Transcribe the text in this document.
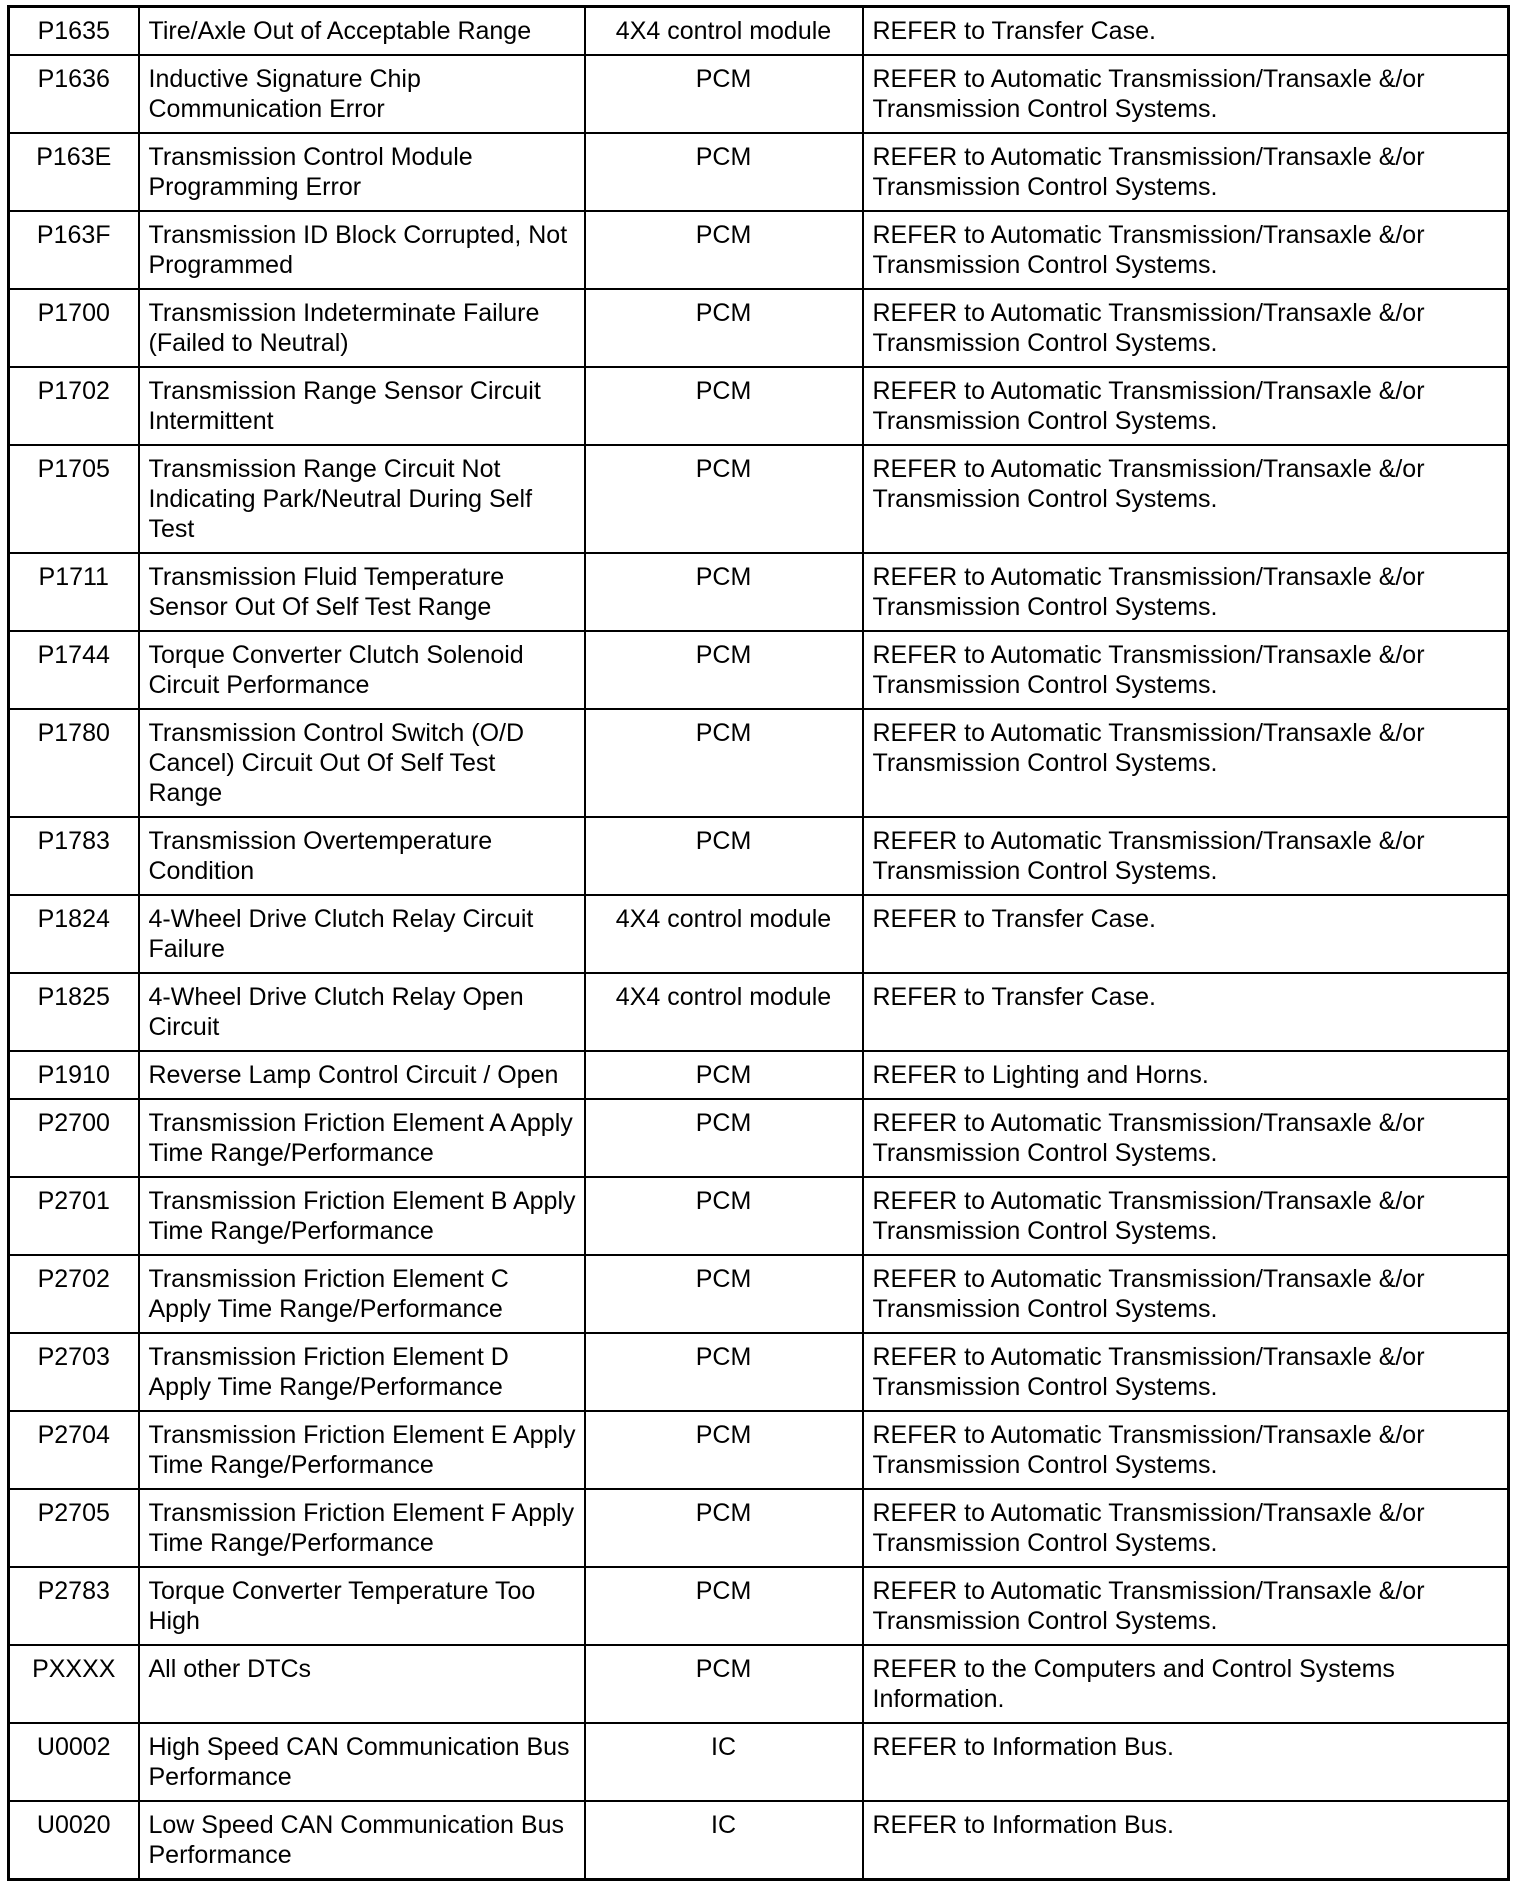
P1635	Tire/Axle Out of Acceptable Range	4X4 control module	REFER to Transfer Case.
P1636	Inductive Signature Chip Communication Error	PCM	REFER to Automatic Transmission/Transaxle &/or Transmission Control Systems.
P163E	Transmission Control Module Programming Error	PCM	REFER to Automatic Transmission/Transaxle &/or Transmission Control Systems.
P163F	Transmission ID Block Corrupted, Not Programmed	PCM	REFER to Automatic Transmission/Transaxle &/or Transmission Control Systems.
P1700	Transmission Indeterminate Failure (Failed to Neutral)	PCM	REFER to Automatic Transmission/Transaxle &/or Transmission Control Systems.
P1702	Transmission Range Sensor Circuit Intermittent	PCM	REFER to Automatic Transmission/Transaxle &/or Transmission Control Systems.
P1705	Transmission Range Circuit Not Indicating Park/Neutral During Self Test	PCM	REFER to Automatic Transmission/Transaxle &/or Transmission Control Systems.
P1711	Transmission Fluid Temperature Sensor Out Of Self Test Range	PCM	REFER to Automatic Transmission/Transaxle &/or Transmission Control Systems.
P1744	Torque Converter Clutch Solenoid Circuit Performance	PCM	REFER to Automatic Transmission/Transaxle &/or Transmission Control Systems.
P1780	Transmission Control Switch (O/D Cancel) Circuit Out Of Self Test Range	PCM	REFER to Automatic Transmission/Transaxle &/or Transmission Control Systems.
P1783	Transmission Overtemperature Condition	PCM	REFER to Automatic Transmission/Transaxle &/or Transmission Control Systems.
P1824	4-Wheel Drive Clutch Relay Circuit Failure	4X4 control module	REFER to Transfer Case.
P1825	4-Wheel Drive Clutch Relay Open Circuit	4X4 control module	REFER to Transfer Case.
P1910	Reverse Lamp Control Circuit / Open	PCM	REFER to Lighting and Horns.
P2700	Transmission Friction Element A Apply Time Range/Performance	PCM	REFER to Automatic Transmission/Transaxle &/or Transmission Control Systems.
P2701	Transmission Friction Element B Apply Time Range/Performance	PCM	REFER to Automatic Transmission/Transaxle &/or Transmission Control Systems.
P2702	Transmission Friction Element C Apply Time Range/Performance	PCM	REFER to Automatic Transmission/Transaxle &/or Transmission Control Systems.
P2703	Transmission Friction Element D Apply Time Range/Performance	PCM	REFER to Automatic Transmission/Transaxle &/or Transmission Control Systems.
P2704	Transmission Friction Element E Apply Time Range/Performance	PCM	REFER to Automatic Transmission/Transaxle &/or Transmission Control Systems.
P2705	Transmission Friction Element F Apply Time Range/Performance	PCM	REFER to Automatic Transmission/Transaxle &/or Transmission Control Systems.
P2783	Torque Converter Temperature Too High	PCM	REFER to Automatic Transmission/Transaxle &/or Transmission Control Systems.
PXXXX	All other DTCs	PCM	REFER to the Computers and Control Systems Information.
U0002	High Speed CAN Communication Bus Performance	IC	REFER to Information Bus.
U0020	Low Speed CAN Communication Bus Performance	IC	REFER to Information Bus.
